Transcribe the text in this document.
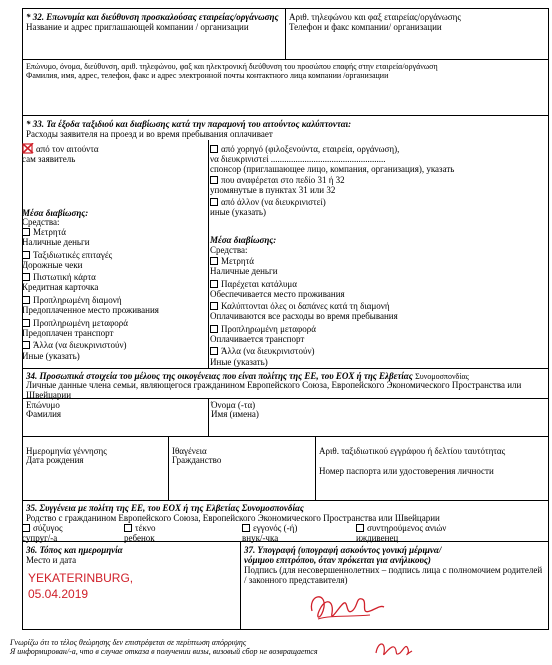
* 32. Επωνυμία και διεύθυνση προσκαλούσας εταιρείας/οργάνωσης
Название и адрес приглашающей компании / организации
Αριθ. τηλεφώνου και φαξ εταιρείας/οργάνωσης
Телефон и факс компании/ организации
Επώνυμο, όνομα, διεύθυνση, αριθ. τηλεφώνου, φαξ και ηλεκτρονική διεύθυνση του προσώπου επαφής στην εταιρεία/οργάνωση
Фамилия, имя, адрес, телефон, факс и адрес электронной почты контактного лица компании /организации
* 33. Τα έξοδα ταξιδιού και διαβίωσης κατά την παραμονή του αιτούντος καλύπτονται:
Расходы заявителя на проезд и во время пребывания оплачивает
από τον αιτούντα
сам заявитель
Μέσα διαβίωσης:
Средства:
Μετρητά
Наличные деньги
Ταξιδιωτικές επιταγές
Дорожные чеки
Πιστωτική κάρτα
Кредитная карточка
Προπληρωμένη διαμονή
Предоплаченное место проживания
Προπληρωμένη μεταφορά
Предоплачен транспорт
Άλλα (να διευκρινιστούν)
Иные (указать)
από χορηγό (φιλοξενούντα, εταιρεία, οργάνωση),
να διευκρινιστεί ...................................................
спонсор (приглашающее лицо, компания, организация), указать
που αναφέρεται στο πεδίο 31 ή 32
упомянутые в пунктах 31 или 32
από άλλον (να διευκρινιστεί)
иные (указать)
Μέσα διαβίωσης:
Средства:
Μετρητά
Наличные деньги
Παρέχεται κατάλυμα
Обеспечивается место проживания
Καλύπτονται όλες οι δαπάνες κατά τη διαμονή
Оплачиваются все расходы во время пребывания
Προπληρωμένη μεταφορά
Оплачивается транспорт
Άλλα (να διευκρινιστούν)
Иные (указать)
34. Προσωπικά στοιχεία του μέλους της οικογένειας που είναι πολίτης της ΕΕ, του ΕΟΧ ή της Ελβετίας Συνομοσπονδίας
Личные данные члена семьи, являющегося гражданином Европейского Союза, Европейского Экономического Пространства или Швейцарии
Επώνυμο
Фамилия
Όνομα (-τα)
Имя (имена)
Ημερομηνία γέννησης
Дата рождения
Ιθαγένεια
Гражданство
Αριθ. ταξιδιωτικού εγγράφου ή δελτίου ταυτότητας
Номер паспорта или удостоверения личности
35. Συγγένεια με πολίτη της ΕΕ, του ΕΟΧ ή της Ελβετίας Συνομοσπονδίας
Родство с гражданином Европейского Союза, Европейского Экономического Пространства или Швейцарии
σύζυγος
супруг/-а
τέκνο
ребенок
εγγονός (-ή)
внук/-чка
συντηρούμενος ανιών
иждивенец
36. Τόπος και ημερομηνία
Место и дата
YEKATERINBURG,
05.04.2019
37. Υπογραφή (υπογραφή ασκούντος γονική μέριμνα/
νόμιμου επιτρόπου, όταν πρόκειται για ανήλικους)
Подпись (для несовершеннолетних – подпись лица с полномочием родителей / законного представителя)
Γνωρίζω ότι το τέλος θεώρησης δεν επιστρέφεται σε περίπτωση απόρριψης
Я информирован/-а, что в случае отказа в получении визы, визовый сбор не возвращается
